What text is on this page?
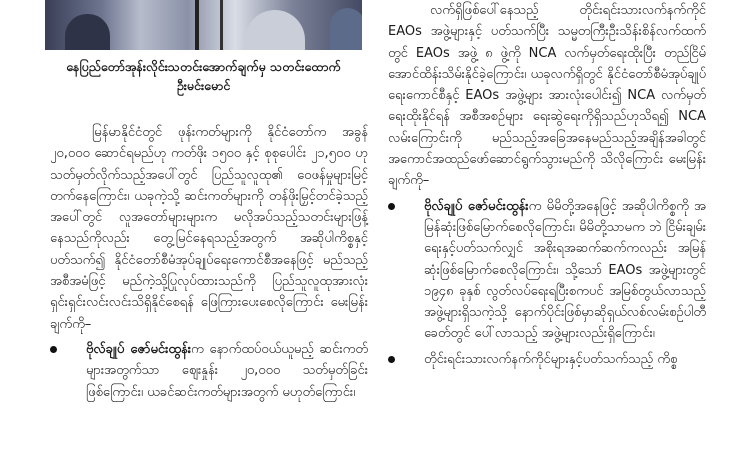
နေပြည်တော်အုန်းလိုင်းသတင်းအောက်ချက်မှ သတင်းထောက်
ဦးမင်းမောင်

မြန်မာနိုင်ငံတွင် ဖုန်းကတ်များကို နိုင်ငံတော်က အခွန် ၂၀,၀၀၀ ဆောင်ရမည်ဟု ကတ်ဖိုး ၁၅၀၀ နှင့် စုစုပေါင်း ၂၁,၅၀၀ ဟု သတ်မှတ်လိုက်သည့်အပေါ်တွင် ပြည်သူလူထု၏ ဝေဖန်မှုများမြင့်တက်နေကြောင်း၊ ယခုကဲ့သို့ ဆင်းကတ်များကို တန်ဖိုးမြှင့်တင်ခဲ့သည့်အပေါ်တွင် လူအတော်များများက မလိုအပ်သည့်သတင်းများဖြန့်နေသည်ကိုလည်း တွေ့မြင်နေရသည့်အတွက် အဆိုပါကိစ္စနှင့်ပတ်သက်၍ နိုင်ငံတော်စီမံအုပ်ချုပ်ရေးကောင်စီအနေဖြင့် မည်သည့်အစီအမံဖြင့် မည်ကဲ့သို့ပြုလုပ်ထားသည်ကို ပြည်သူလူထုအားလုံး ရှင်းရှင်းလင်းလင်းသိရှိနိုင်စေရန် ဖြေကြားပေးစေလိုကြောင်း မေးမြန်းချက်ကို–

ဗိုလ်ချုပ် ဇော်မင်းထွန်းက နောက်ထပ်ဝယ်ယူမည့် ဆင်းကတ်များအတွက်သာ ဈေးနှုန်း ၂၀,၀၀၀ သတ်မှတ်ခြင်းဖြစ်ကြောင်း၊ ယခင်ဆင်းကတ်များအတွက် မဟုတ်ကြောင်း၊

လက်ရှိဖြစ်ပေါ်နေသည့် တိုင်းရင်းသားလက်နက်ကိုင် EAOs အဖွဲ့များနှင့် ပတ်သက်ပြီး သမ္မတကြီးဦးသိန်းစိန်လက်ထက်တွင် EAOs အဖွဲ့ ၈ ဖွဲ့ကို NCA လက်မှတ်ရေးထိုးပြီး တည်ငြိမ်အောင်ထိန်းသိမ်းနိုင်ခဲ့ကြောင်း၊ ယခုလက်ရှိတွင် နိုင်ငံတော်စီမံအုပ်ချုပ်ရေးကောင်စီနှင့် EAOs အဖွဲ့များ အားလုံးပေါင်း၍ NCA လက်မှတ်ရေးထိုးနိုင်ရန် အစီအစဉ်များ ရေးဆွဲရေးကိုရှိသည်ဟုသိရ၍ NCA လမ်းကြောင်းကို မည်သည့်အခြေအနေမည်သည့်အချိန်အခါတွင် အကောင်အထည်ဖော်ဆောင်ရွက်သွားမည်ကို သိလိုကြောင်း မေးမြန်းချက်ကို–

ဗိုလ်ချုပ် ဇော်မင်းထွန်းက မိမိတို့အနေဖြင့် အဆိုပါကိစ္စကို အမြန်ဆုံးဖြစ်မြောက်စေလိုကြောင်း၊ မိမိတို့သာမက ဘဲ ငြိမ်းချမ်းရေးနှင့်ပတ်သက်လျှင် အစိုးရအဆက်ဆက်ကလည်း အမြန်ဆုံးဖြစ်မြောက်စေလိုကြောင်း၊ သို့သော် EAOs အဖွဲ့များတွင် ၁၉၄၈ ခုနှစ် လွတ်လပ်ရေးရပြီးစကပင် အမြစ်တွယ်လာသည့် အဖွဲ့များရှိသကဲ့သို့ နောက်ပိုင်းဖြစ်မှာဆိုရှယ်လစ်လမ်းစဉ်ပါတီခေတ်တွင် ပေါ်လာသည့် အဖွဲ့များလည်းရှိကြောင်း၊
တိုင်းရင်းသားလက်နက်ကိုင်များနှင့်ပတ်သက်သည့် ကိစ္စ
